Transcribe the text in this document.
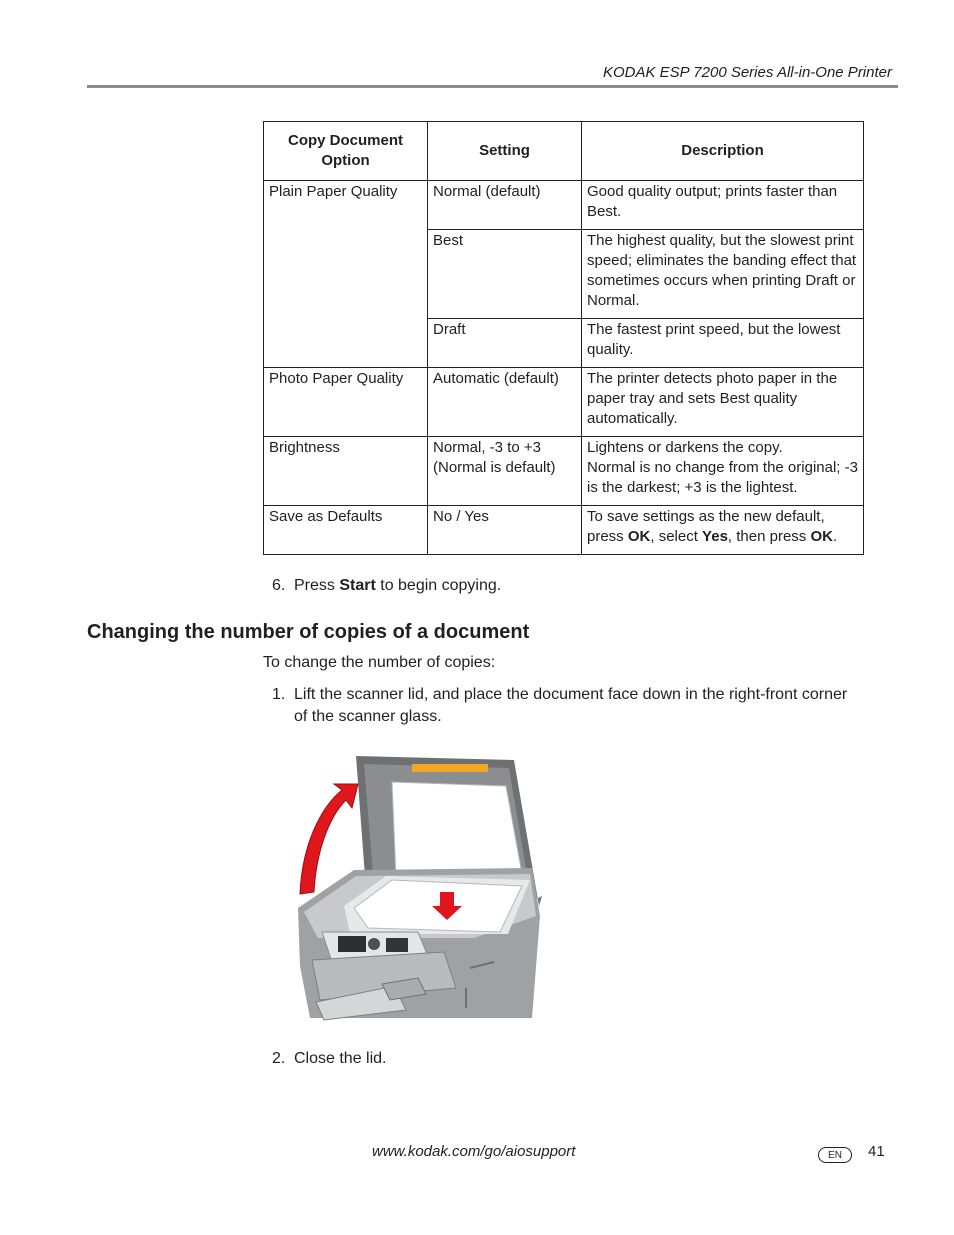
KODAK ESP 7200 Series All-in-One Printer
Copy Document Option	Setting	Description
Plain Paper Quality	Normal (default)	Good quality output; prints faster than Best.
	Best	The highest quality, but the slowest print speed; eliminates the banding effect that sometimes occurs when printing Draft or Normal.
	Draft	The fastest print speed, but the lowest quality.
Photo Paper Quality	Automatic (default)	The printer detects photo paper in the paper tray and sets Best quality automatically.
Brightness	Normal, -3 to +3 (Normal is default)	Lightens or darkens the copy.
Normal is no change from the original; -3 is the darkest; +3 is the lightest.

Save as Defaults	No / Yes	To save settings as the new default, press OK, select Yes, then press OK.
6. Press Start to begin copying.
Changing the number of copies of a document
To change the number of copies:
1. Lift the scanner lid, and place the document face down in the right-front corner
of the scanner glass.
2. Close the lid.
www.kodak.com/go/aiosupport	EN	41
